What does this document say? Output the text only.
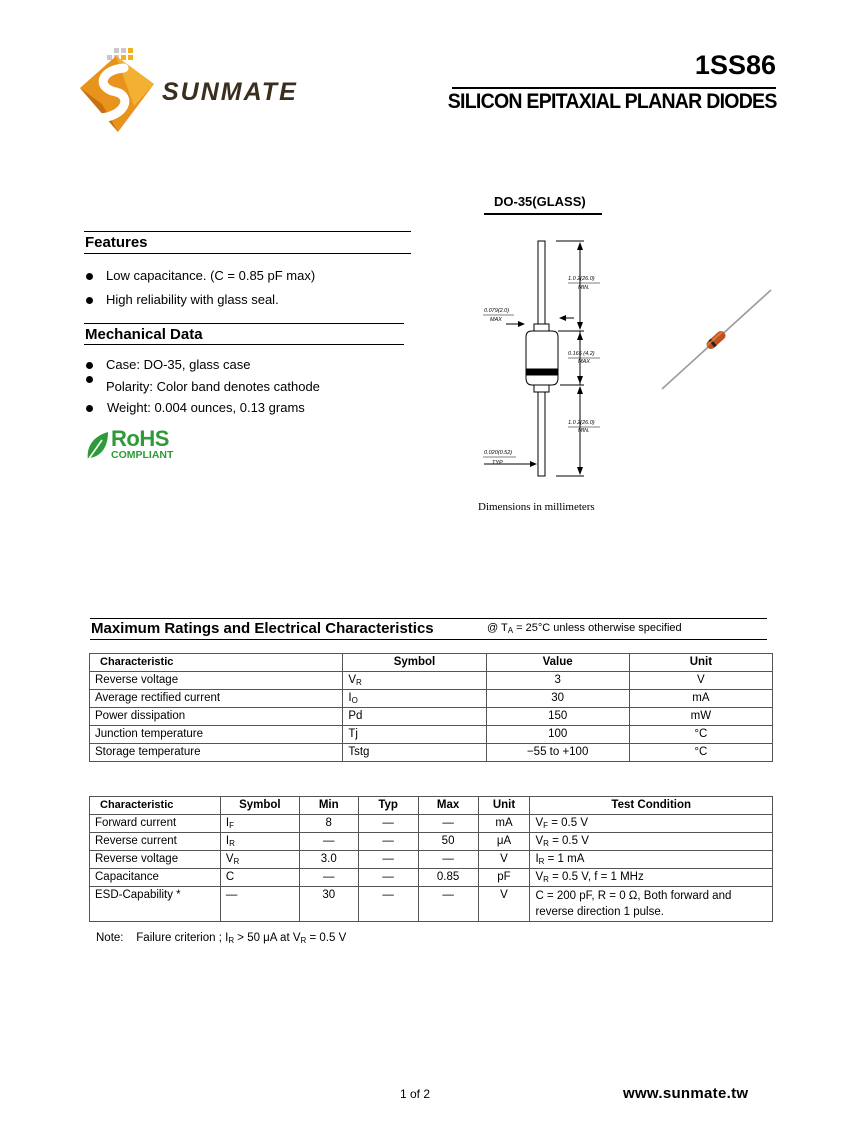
SUNMATE
1SS86
SILICON EPITAXIAL PLANAR DIODES
Features
Low capacitance. (C = 0.85 pF max)
High reliability with glass seal.
Mechanical Data
Case: DO-35, glass case
Polarity: Color band denotes cathode
Weight: 0.004 ounces, 0.13 grams
RoHS
COMPLIANT
DO-35(GLASS)
1.0 2(26.0)
MIN.
0.079(2.0)
MAX
0.165 (4.2)
MAX
1.0 2(26.0)
MIN.
0.020(0.52)
TYP
Dimensions in millimeters
Maximum Ratings and Electrical Characteristics	@ $T_A = 25^\circ C$ unless otherwise specified
Characteristic	Symbol	Value	Unit
Reverse voltage	$V_R$	3	V
Average rectified current	$I_O$	30	mA
Power dissipation	Pd	150	mW
Junction temperature	Tj	100	°C
Storage temperature	Tstg	−55 to +100	°C
Characteristic	Symbol	Min	Typ	Max	Unit	Test Condition
Forward current	$I_F$	8	—	—	mA	$V_F = 0.5$ V
Reverse current	$I_R$	—	—	50	μA	$V_R = 0.5$ V
Reverse voltage	$V_R$	3.0	—	—	V	$I_R = 1$ mA
Capacitance	C	—	—	0.85	pF	$V_R = 0.5$ V, f = 1 MHz
ESD-Capability *	—	30	—	—	V	C = 200 pF, R = 0 Ω, Both forward and
reverse direction 1 pulse.
Note: Failure criterion ; $I_R > 50$ μA at $V_R = 0.5$ V
1 of 2	www.sunmate.tw
